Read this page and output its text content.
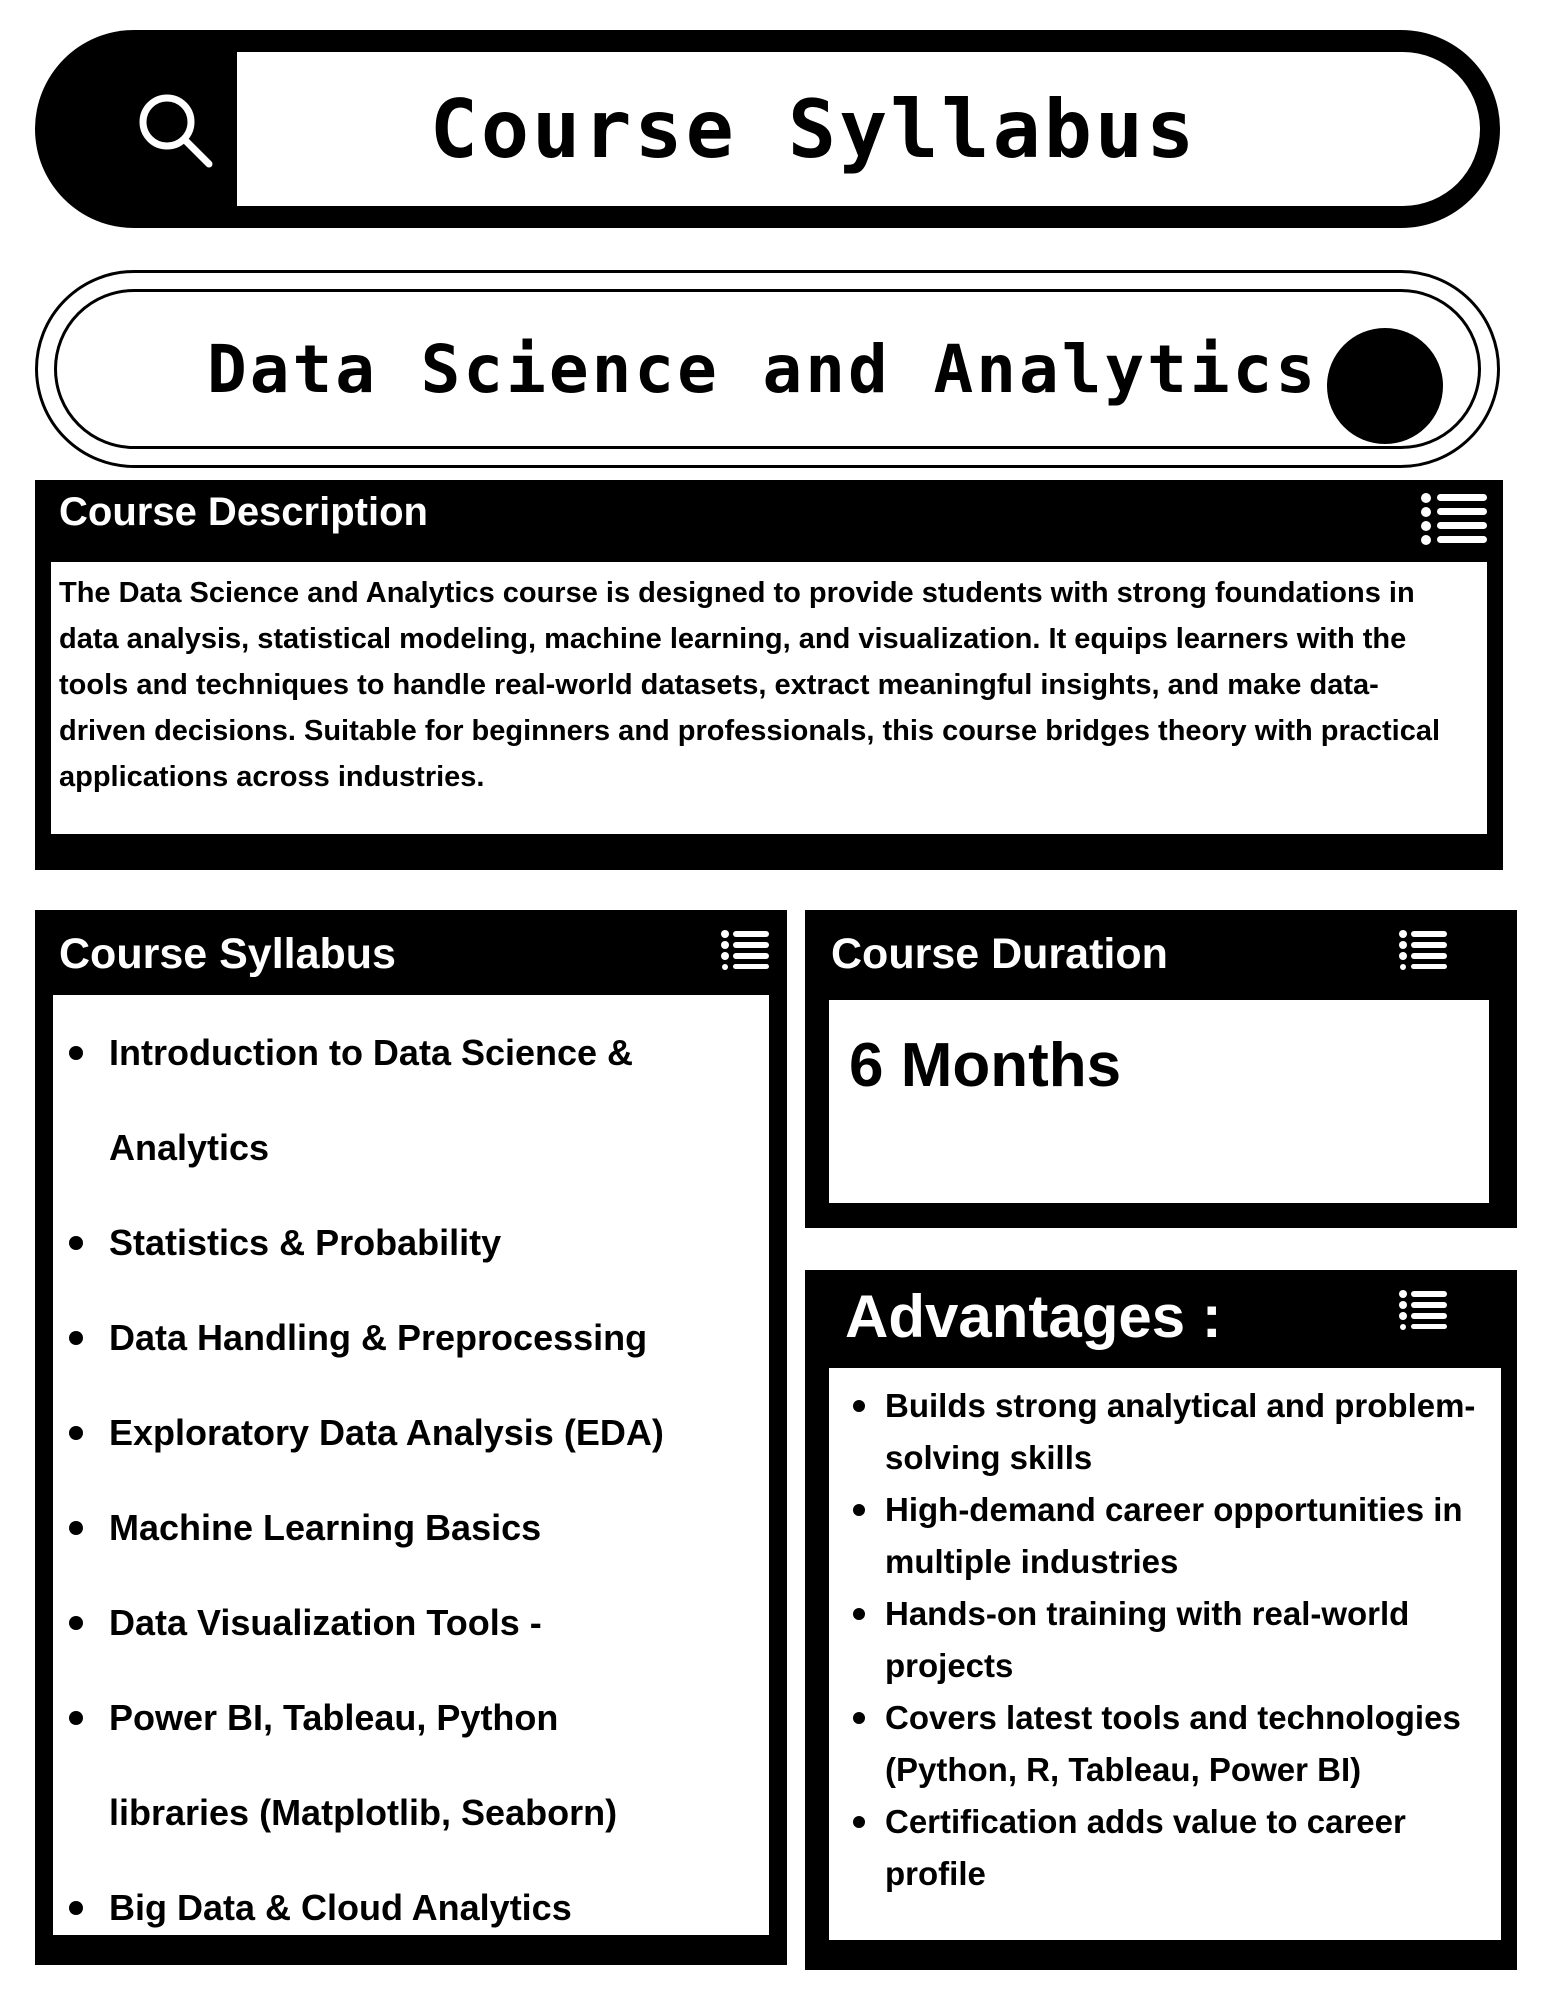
Course Syllabus
Data Science and Analytics
Course Description
The Data Science and Analytics course is designed to provide students with strong foundations in data analysis, statistical modeling, machine learning, and visualization. It equips learners with the tools and techniques to handle real-world datasets, extract meaningful insights, and make data-driven decisions. Suitable for beginners and professionals, this course bridges theory with practical applications across industries.
Course Syllabus
Introduction to Data Science &
Analytics
Statistics & Probability
Data Handling & Preprocessing
Exploratory Data Analysis (EDA)
Machine Learning Basics
Data Visualization Tools -
Power BI, Tableau, Python
libraries (Matplotlib, Seaborn)
Big Data & Cloud Analytics
Course Duration
6 Months
Advantages :
Builds strong analytical and problem-solving skills
High-demand career opportunities in multiple industries
Hands-on training with real-world projects
Covers latest tools and technologies (Python, R, Tableau, Power BI)
Certification adds value to career profile
